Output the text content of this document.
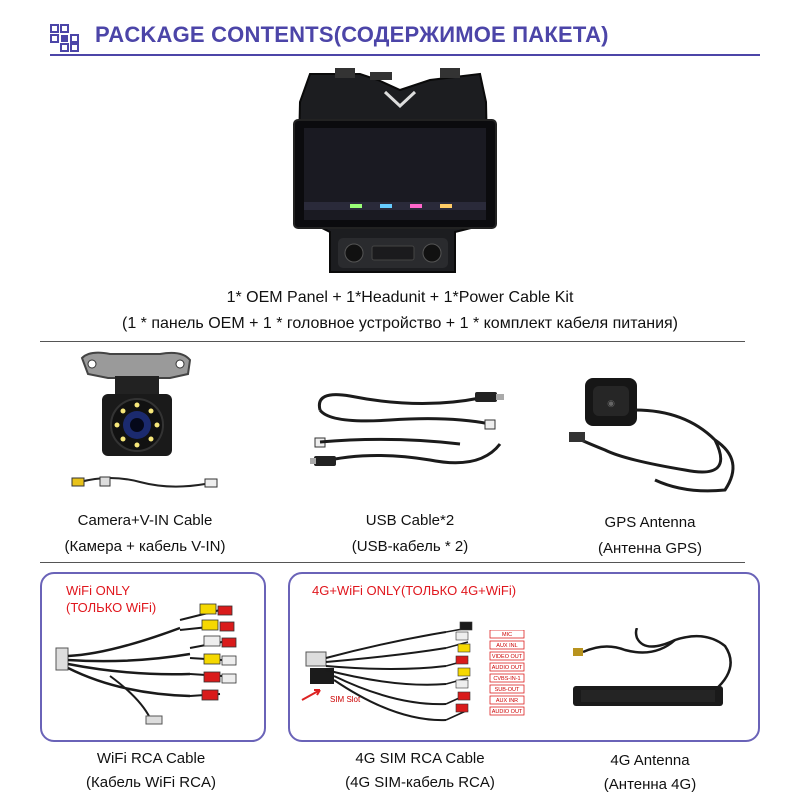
PACKAGE CONTENTS(СОДЕРЖИМОЕ ПАКЕТА)
1* OEM Panel + 1*Headunit + 1*Power Cable Kit
(1 * панель OEM + 1 * головное устройство + 1 * комплект кабеля питания)
◉
Camera+V-IN Cable
(Камера + кабель V-IN)
USB Cable*2
(USB-кабель * 2)
GPS Antenna
(Антенна GPS)
WiFi ONLY
(ТОЛЬКО WiFi)
WiFi RCA Cable
(Кабель WiFi RCA)
4G+WiFi ONLY(ТОЛЬКО 4G+WiFi)
MIC
AUX INL
VIDEO OUT
AUDIO OUT
CVBS-IN-1
SUB-OUT
AUX INR
AUDIO OUT
SIM Slot
4G SIM RCA Cable
(4G SIM-кабель RCA)
4G Antenna
(Антенна 4G)
